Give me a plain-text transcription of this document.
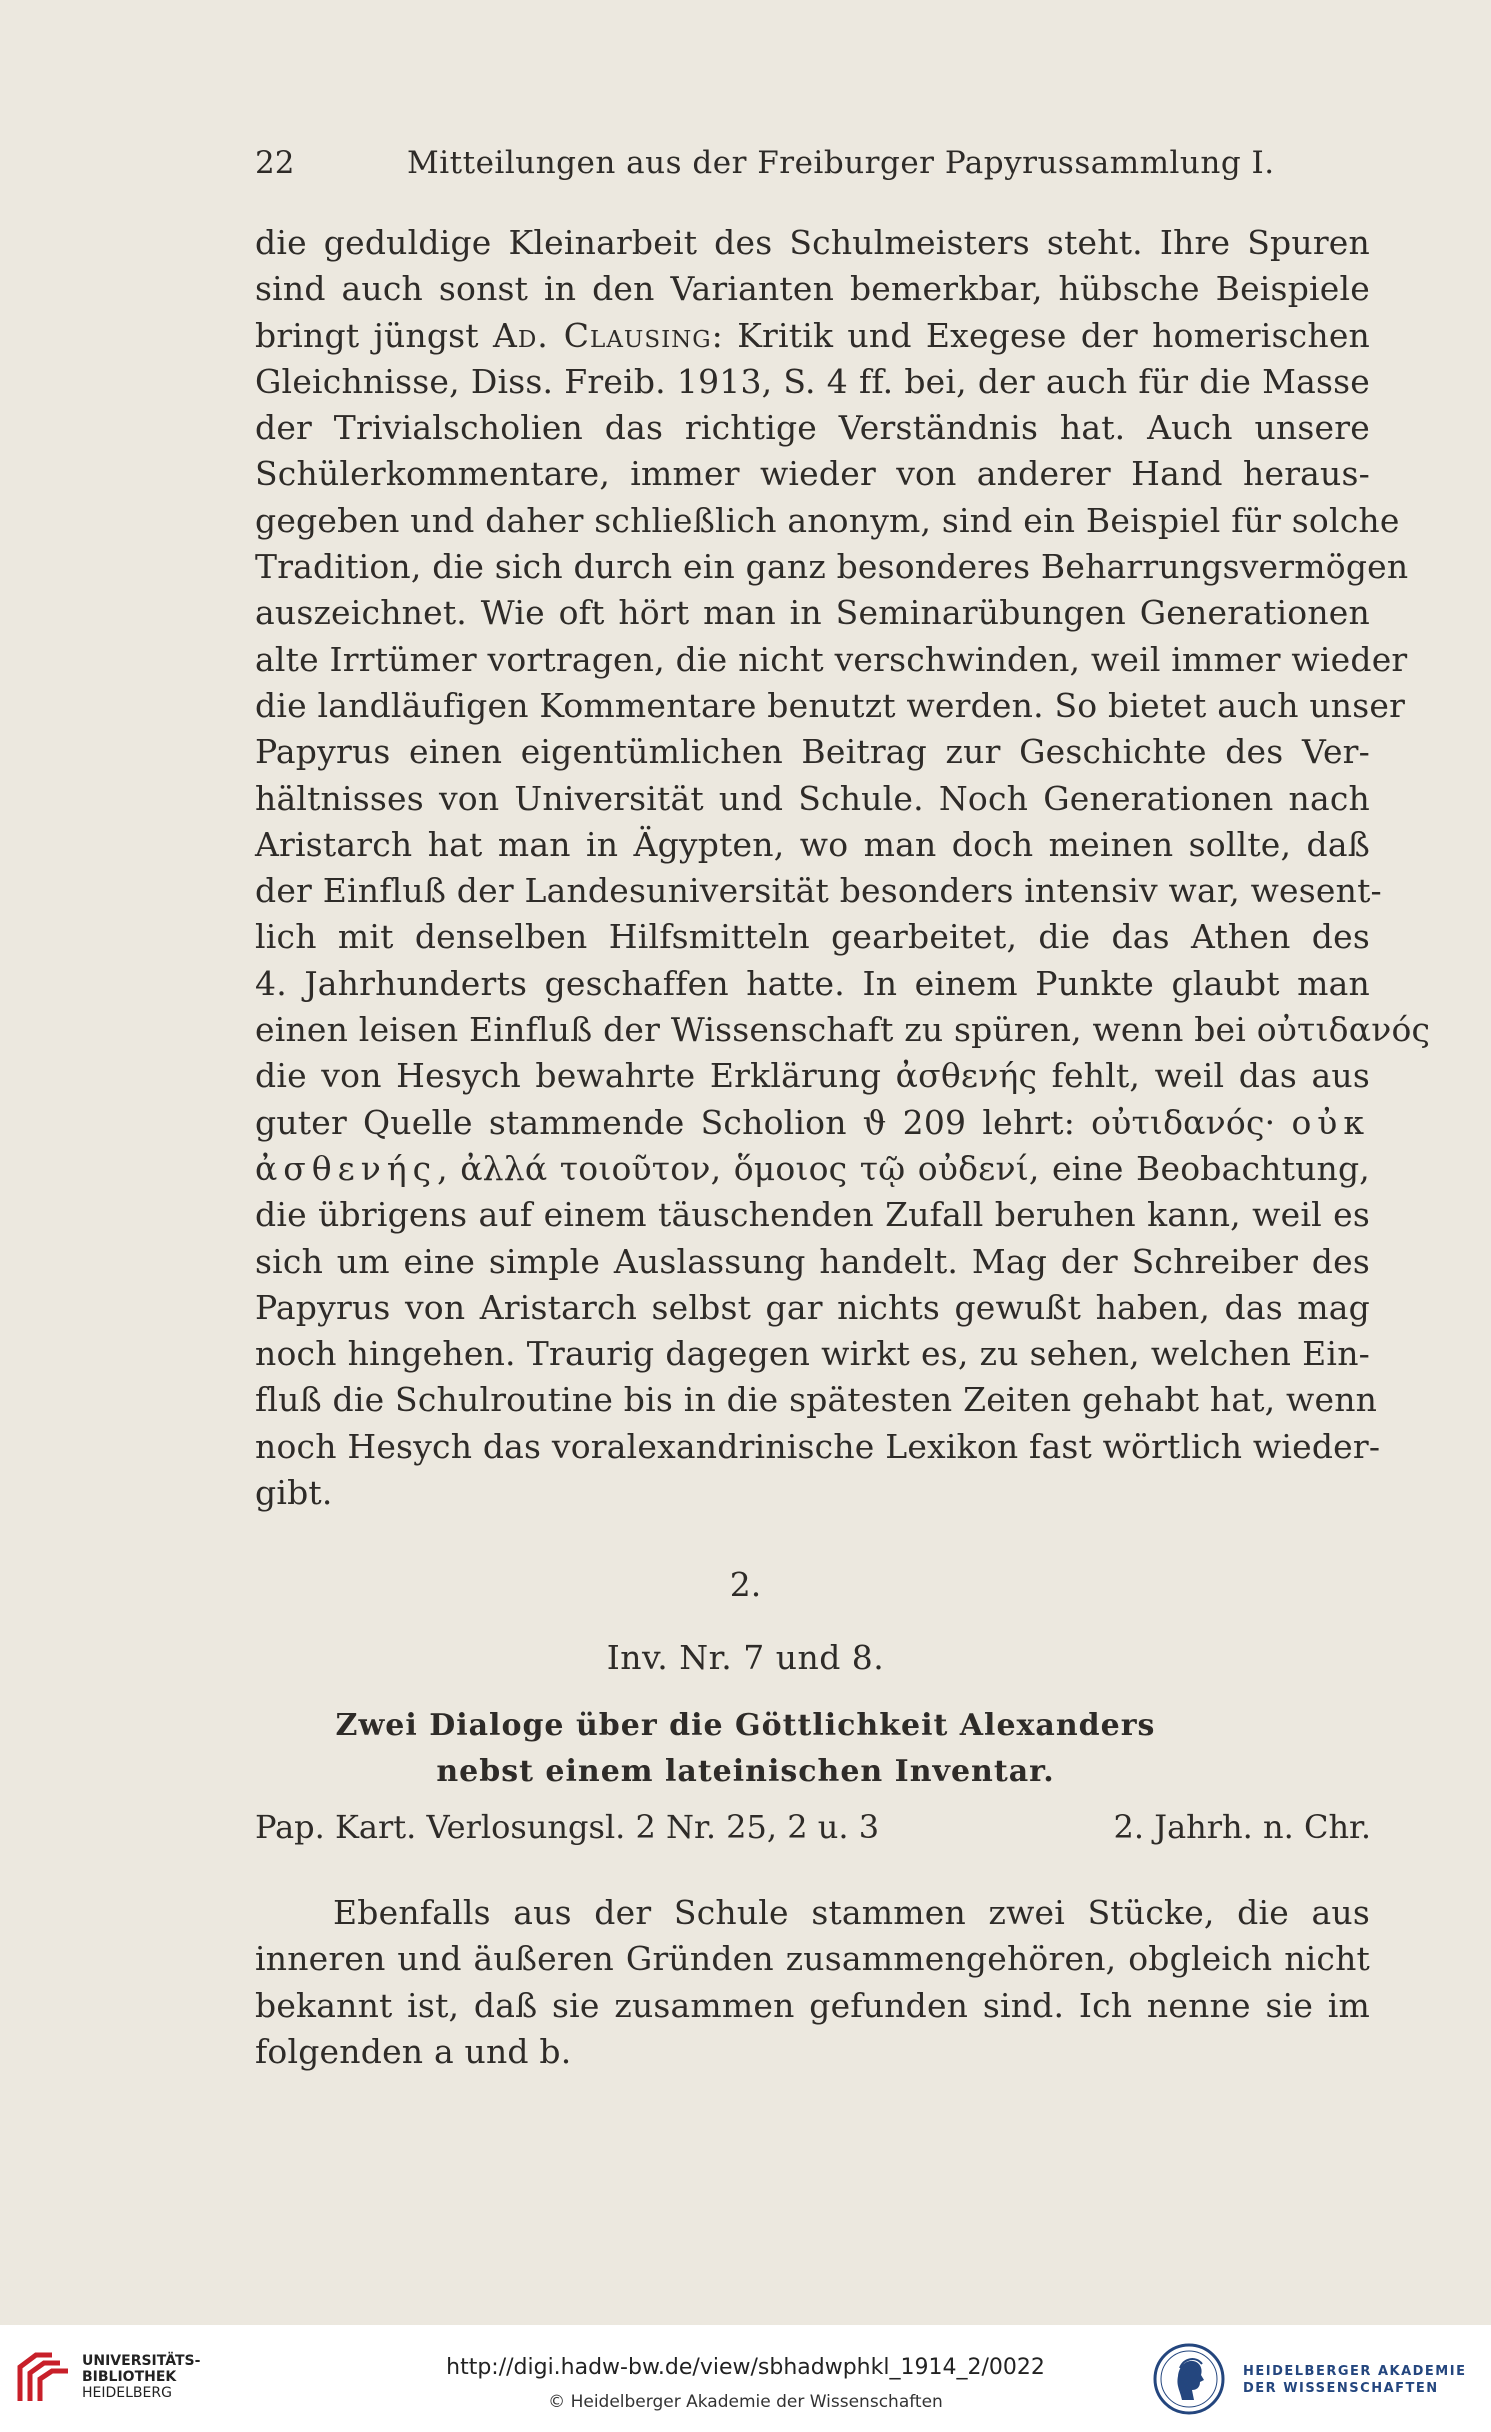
22	Mitteilungen aus der Freiburger Papyrussammlung I.
die geduldige Kleinarbeit des Schulmeisters steht. Ihre Spuren
sind auch sonst in den Varianten bemerkbar, hübsche Beispiele
bringt jüngst Ad. Clausing: Kritik und Exegese der homerischen
Gleichnisse, Diss. Freib. 1913, S. 4 ff. bei, der auch für die Masse
der Trivialscholien das richtige Verständnis hat. Auch unsere
Schülerkommentare, immer wieder von anderer Hand heraus-
gegeben und daher schließlich anonym, sind ein Beispiel für solche
Tradition, die sich durch ein ganz besonderes Beharrungsvermögen
auszeichnet. Wie oft hört man in Seminarübungen Generationen
alte Irrtümer vortragen, die nicht verschwinden, weil immer wieder
die landläufigen Kommentare benutzt werden. So bietet auch unser
Papyrus einen eigentümlichen Beitrag zur Geschichte des Ver-
hältnisses von Universität und Schule. Noch Generationen nach
Aristarch hat man in Ägypten, wo man doch meinen sollte, daß
der Einfluß der Landesuniversität besonders intensiv war, wesent-
lich mit denselben Hilfsmitteln gearbeitet, die das Athen des
4. Jahrhunderts geschaffen hatte. In einem Punkte glaubt man
einen leisen Einfluß der Wissenschaft zu spüren, wenn bei οὐτιδανός
die von Hesych bewahrte Erklärung ἀσθενής fehlt, weil das aus
guter Quelle stammende Scholion ϑ 209 lehrt: οὐτιδανός· οὐκ
ἀσθενής, ἀλλά τοιοῦτον, ὅμοιος τῷ οὐδενί, eine Beobachtung,
die übrigens auf einem täuschenden Zufall beruhen kann, weil es
sich um eine simple Auslassung handelt. Mag der Schreiber des
Papyrus von Aristarch selbst gar nichts gewußt haben, das mag
noch hingehen. Traurig dagegen wirkt es, zu sehen, welchen Ein-
fluß die Schulroutine bis in die spätesten Zeiten gehabt hat, wenn
noch Hesych das voralexandrinische Lexikon fast wörtlich wieder-
gibt.
2.
Inv. Nr. 7 und 8.
Zwei Dialoge über die Göttlichkeit Alexanders
nebst einem lateinischen Inventar.
Pap. Kart. Verlosungsl. 2 Nr. 25, 2 u. 3	2. Jahrh. n. Chr.
Ebenfalls aus der Schule stammen zwei Stücke, die aus
inneren und äußeren Gründen zusammengehören, obgleich nicht
bekannt ist, daß sie zusammen gefunden sind. Ich nenne sie im
folgenden a und b.
UNIVERSITÄTS-
BIBLIOTHEK
HEIDELBERG
http://digi.hadw-bw.de/view/sbhadwphkl_1914_2/0022
© Heidelberger Akademie der Wissenschaften
HEIDELBERGER AKADEMIE
DER WISSENSCHAFTEN
